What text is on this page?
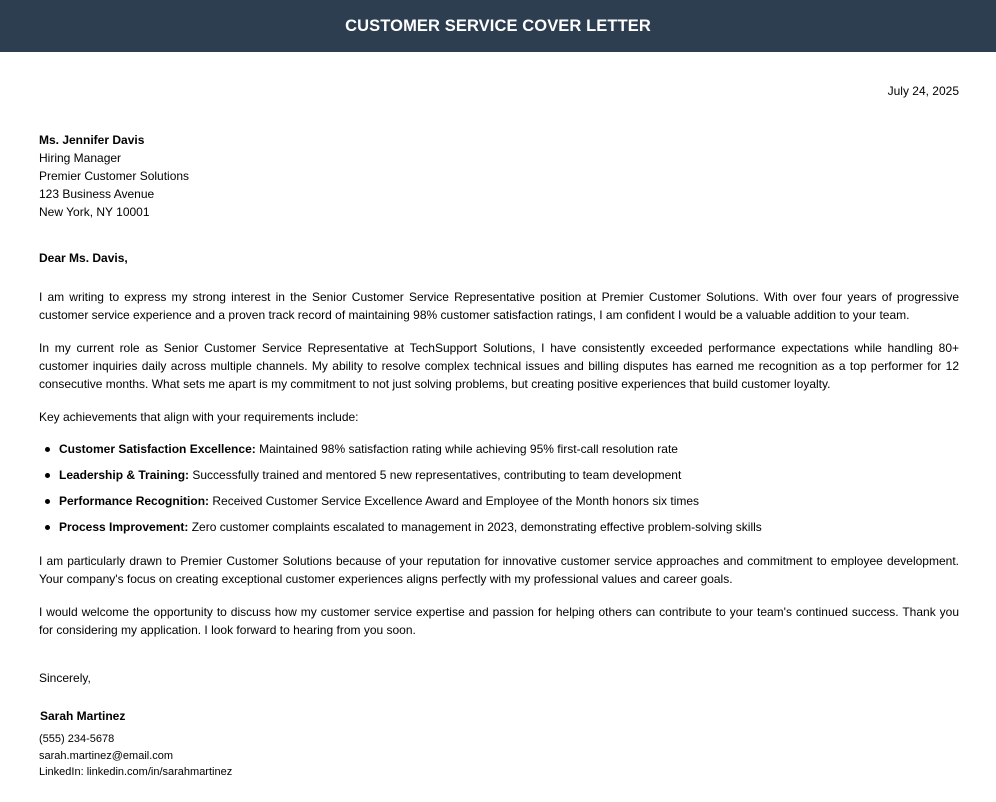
CUSTOMER SERVICE COVER LETTER
July 24, 2025
Ms. Jennifer Davis
Hiring Manager
Premier Customer Solutions
123 Business Avenue
New York, NY 10001
Dear Ms. Davis,

I am writing to express my strong interest in the Senior Customer Service Representative position at Premier Customer Solutions. With over four years of progressive customer service experience and a proven track record of maintaining 98% customer satisfaction ratings, I am confident I would be a valuable addition to your team.

In my current role as Senior Customer Service Representative at TechSupport Solutions, I have consistently exceeded performance expectations while handling 80+ customer inquiries daily across multiple channels. My ability to resolve complex technical issues and billing disputes has earned me recognition as a top performer for 12 consecutive months. What sets me apart is my commitment to not just solving problems, but creating positive experiences that build customer loyalty.

Key achievements that align with your requirements include:

Customer Satisfaction Excellence: Maintained 98% satisfaction rating while achieving 95% first-call resolution rate
Leadership & Training: Successfully trained and mentored 5 new representatives, contributing to team development
Performance Recognition: Received Customer Service Excellence Award and Employee of the Month honors six times
Process Improvement: Zero customer complaints escalated to management in 2023, demonstrating effective problem-solving skills

I am particularly drawn to Premier Customer Solutions because of your reputation for innovative customer service approaches and commitment to employee development. Your company's focus on creating exceptional customer experiences aligns perfectly with my professional values and career goals.

I would welcome the opportunity to discuss how my customer service expertise and passion for helping others can contribute to your team's continued success. Thank you for considering my application. I look forward to hearing from you soon.

Sincerely,
Sarah Martinez
(555) 234-5678
sarah.martinez@email.com
LinkedIn: linkedin.com/in/sarahmartinez
